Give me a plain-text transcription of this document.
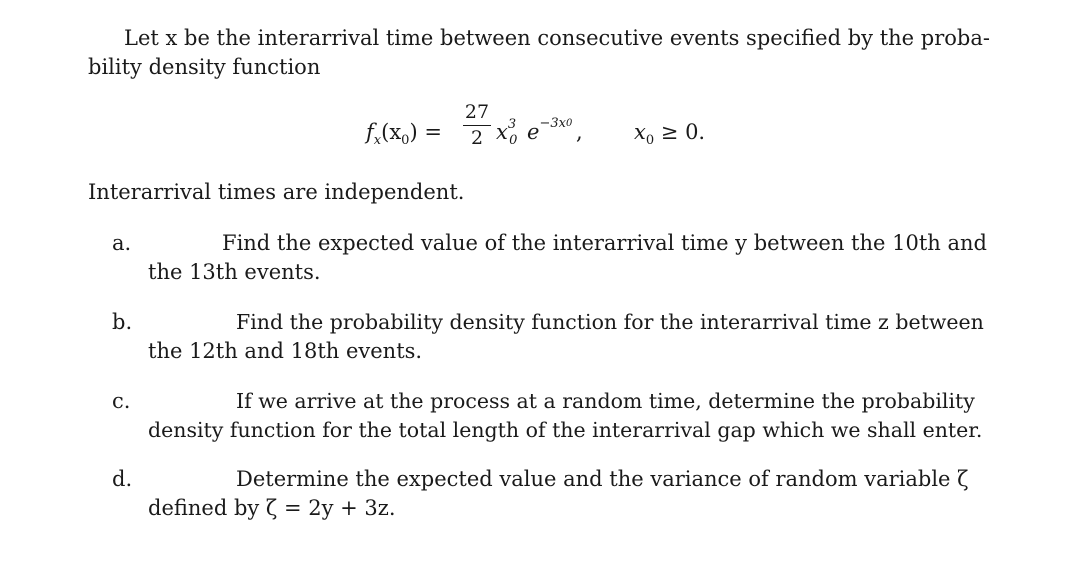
Let x be the interarrival time between consecutive events specified by the proba-
bility density function
$f_x(x_0)$ =
27
2 $x^3_0$ $e^{-3x}_0$ , $x_0 \ge 0$.
Interarrival times are independent.
a.	Find the expected value of the interarrival time y between the 10th and
the 13th events.
b.	Find the probability density function for the interarrival time z between
the 12th and 18th events.
c.	If we arrive at the process at a random time, determine the probability
density function for the total length of the interarrival gap which we shall enter.
d.	Determine the expected value and the variance of random variable ζ
defined by ζ = 2y + 3z.
